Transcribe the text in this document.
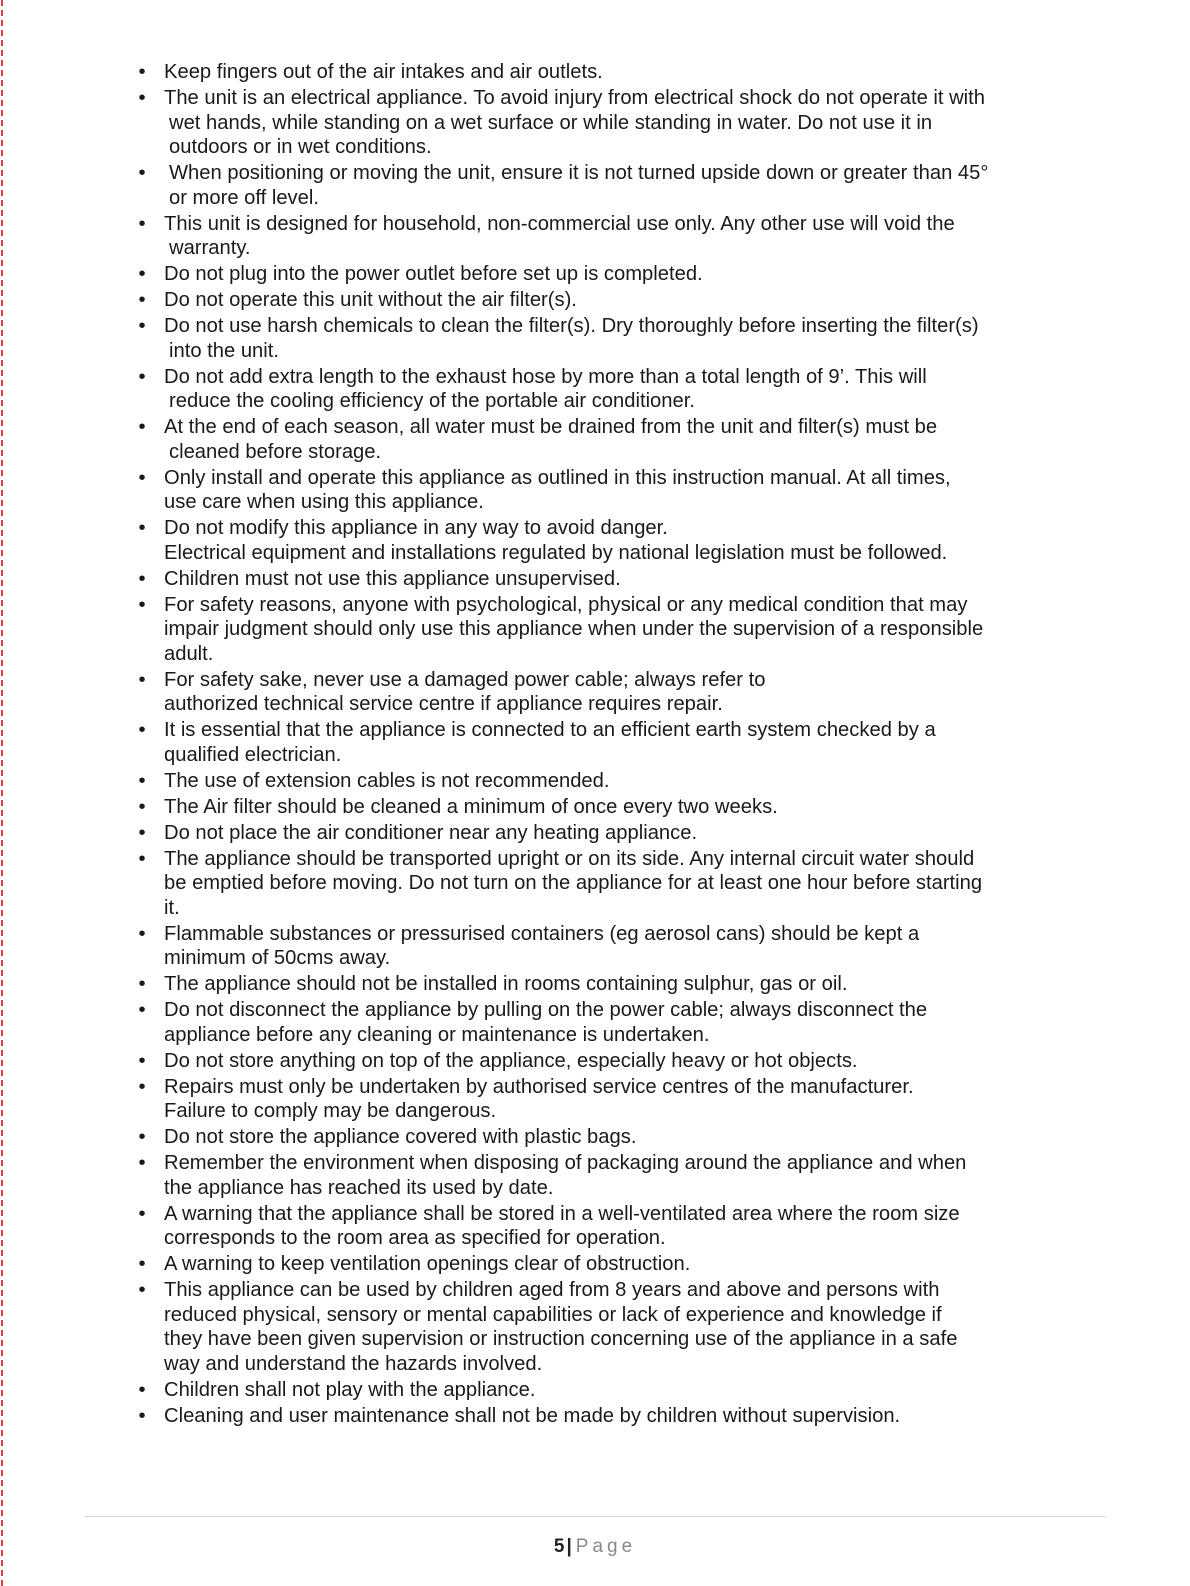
• Keep fingers out of the air intakes and air outlets.
• The unit is an electrical appliance. To avoid injury from electrical shock do not operate it with
wet hands, while standing on a wet surface or while standing in water. Do not use it in
outdoors or in wet conditions.
• When positioning or moving the unit, ensure it is not turned upside down or greater than 45°
or more off level.
• This unit is designed for household, non-commercial use only. Any other use will void the
warranty.
• Do not plug into the power outlet before set up is completed.
• Do not operate this unit without the air filter(s).
• Do not use harsh chemicals to clean the filter(s). Dry thoroughly before inserting the filter(s)
into the unit.
• Do not add extra length to the exhaust hose by more than a total length of 9’. This will
reduce the cooling efficiency of the portable air conditioner.
• At the end of each season, all water must be drained from the unit and filter(s) must be
cleaned before storage.
• Only install and operate this appliance as outlined in this instruction manual. At all times,
use care when using this appliance.
• Do not modify this appliance in any way to avoid danger.
Electrical equipment and installations regulated by national legislation must be followed.
• Children must not use this appliance unsupervised.
• For safety reasons, anyone with psychological, physical or any medical condition that may
impair judgment should only use this appliance when under the supervision of a responsible
adult.
• For safety sake, never use a damaged power cable; always refer to
authorized technical service centre if appliance requires repair.
• It is essential that the appliance is connected to an efficient earth system checked by a
qualified electrician.
• The use of extension cables is not recommended.
• The Air filter should be cleaned a minimum of once every two weeks.
• Do not place the air conditioner near any heating appliance.
• The appliance should be transported upright or on its side. Any internal circuit water should
be emptied before moving. Do not turn on the appliance for at least one hour before starting
it.
• Flammable substances or pressurised containers (eg aerosol cans) should be kept a
minimum of 50cms away.
• The appliance should not be installed in rooms containing sulphur, gas or oil.
• Do not disconnect the appliance by pulling on the power cable; always disconnect the
appliance before any cleaning or maintenance is undertaken.
• Do not store anything on top of the appliance, especially heavy or hot objects.
• Repairs must only be undertaken by authorised service centres of the manufacturer.
Failure to comply may be dangerous.
• Do not store the appliance covered with plastic bags.
• Remember the environment when disposing of packaging around the appliance and when
the appliance has reached its used by date.
• A warning that the appliance shall be stored in a well-ventilated area where the room size
corresponds to the room area as specified for operation.
• A warning to keep ventilation openings clear of obstruction.
• This appliance can be used by children aged from 8 years and above and persons with
reduced physical, sensory or mental capabilities or lack of experience and knowledge if
they have been given supervision or instruction concerning use of the appliance in a safe
way and understand the hazards involved.
• Children shall not play with the appliance.
• Cleaning and user maintenance shall not be made by children without supervision.
5 | Page
